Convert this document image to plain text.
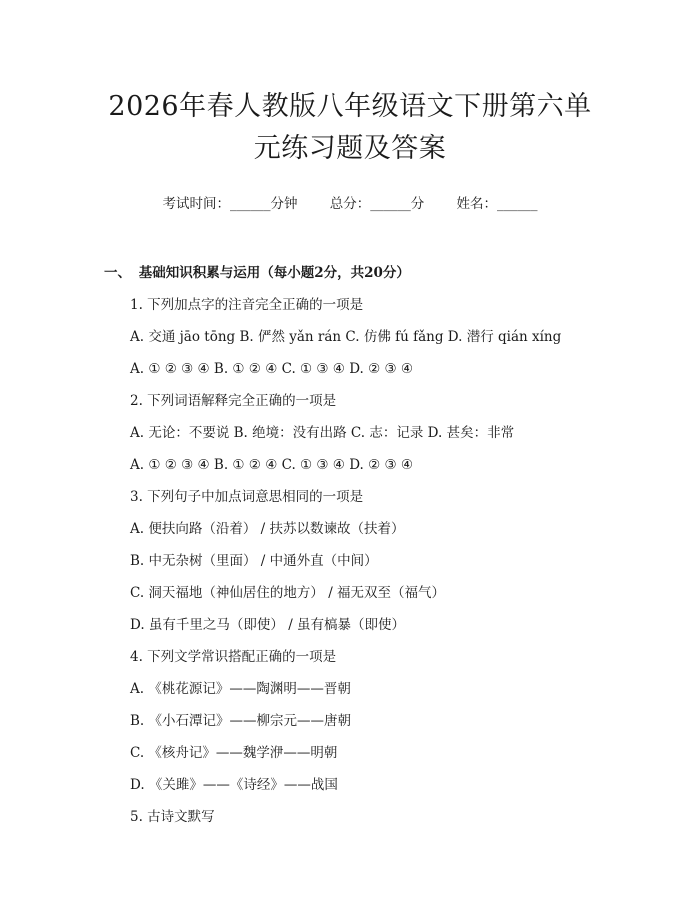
2026年春人教版八年级语文下册第六单元练习题及答案
考试时间：______分钟 总分：______分 姓名：______
一、 基础知识积累与运用（每小题2分，共20分）
1. 下列加点字的注音完全正确的一项是
A. 交通 jāo tōng B. 俨然 yǎn rán C. 仿佛 fú fǎng D. 潜行 qián xíng
A. ① ② ③ ④ B. ① ② ④ C. ① ③ ④ D. ② ③ ④
2. 下列词语解释完全正确的一项是
A. 无论：不要说 B. 绝境：没有出路 C. 志：记录 D. 甚矣：非常
A. ① ② ③ ④ B. ① ② ④ C. ① ③ ④ D. ② ③ ④
3. 下列句子中加点词意思相同的一项是
A. 便扶向路（沿着） / 扶苏以数谏故（扶着）
B. 中无杂树（里面） / 中通外直（中间）
C. 洞天福地（神仙居住的地方） / 福无双至（福气）
D. 虽有千里之马（即使） / 虽有槁暴（即使）
4. 下列文学常识搭配正确的一项是
A. 《桃花源记》——陶渊明——晋朝
B. 《小石潭记》——柳宗元——唐朝
C. 《核舟记》——魏学洢——明朝
D. 《关雎》——《诗经》——战国
5. 古诗文默写
